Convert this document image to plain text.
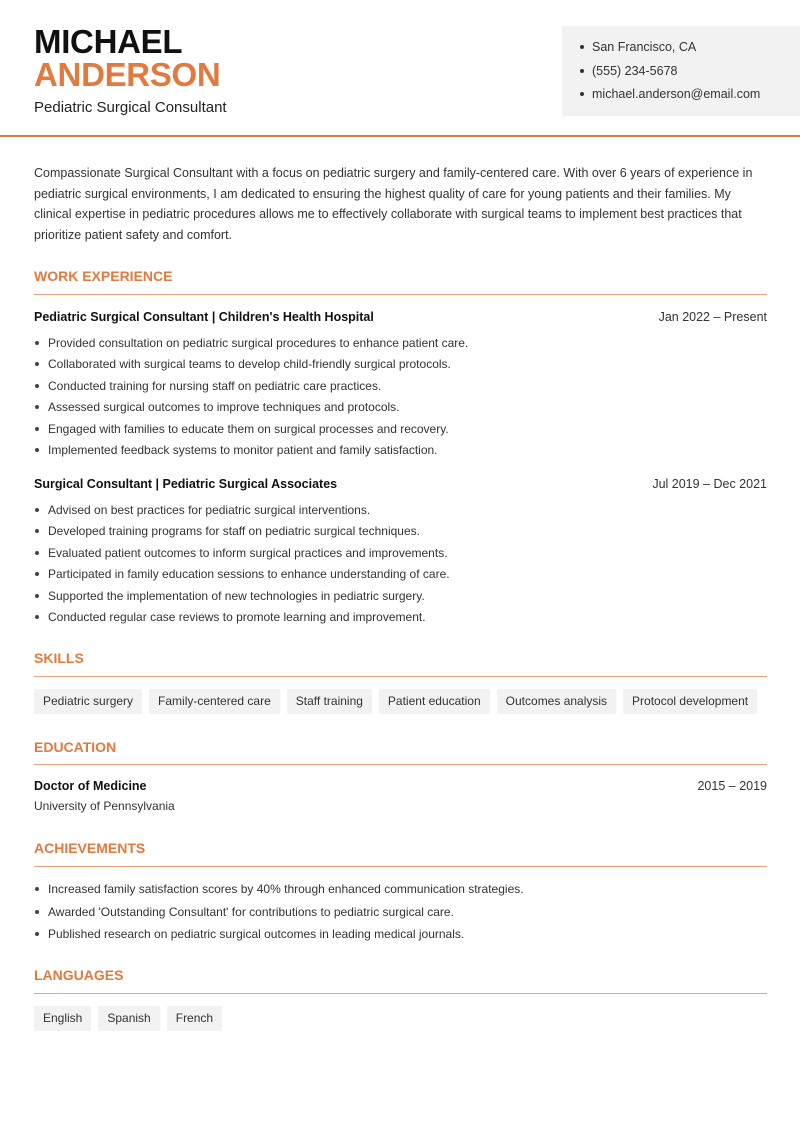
MICHAEL
ANDERSON
Pediatric Surgical Consultant
San Francisco, CA
(555) 234-5678
michael.anderson@email.com

Compassionate Surgical Consultant with a focus on pediatric surgery and family-centered care. With over 6 years of experience in pediatric surgical environments, I am dedicated to ensuring the highest quality of care for young patients and their families. My clinical expertise in pediatric procedures allows me to effectively collaborate with surgical teams to implement best practices that prioritize patient safety and comfort.

WORK EXPERIENCE
Pediatric Surgical Consultant | Children's Health Hospital	Jan 2022 – Present
Provided consultation on pediatric surgical procedures to enhance patient care.
Collaborated with surgical teams to develop child-friendly surgical protocols.
Conducted training for nursing staff on pediatric care practices.
Assessed surgical outcomes to improve techniques and protocols.
Engaged with families to educate them on surgical processes and recovery.
Implemented feedback systems to monitor patient and family satisfaction.
Surgical Consultant | Pediatric Surgical Associates	Jul 2019 – Dec 2021
Advised on best practices for pediatric surgical interventions.
Developed training programs for staff on pediatric surgical techniques.
Evaluated patient outcomes to inform surgical practices and improvements.
Participated in family education sessions to enhance understanding of care.
Supported the implementation of new technologies in pediatric surgery.
Conducted regular case reviews to promote learning and improvement.
SKILLS
Pediatric surgery	Family-centered care	Staff training	Patient education	Outcomes analysis	Protocol development
EDUCATION
Doctor of Medicine	2015 – 2019
University of Pennsylvania
ACHIEVEMENTS
Increased family satisfaction scores by 40% through enhanced communication strategies.
Awarded 'Outstanding Consultant' for contributions to pediatric surgical care.
Published research on pediatric surgical outcomes in leading medical journals.
LANGUAGES
English	Spanish	French
